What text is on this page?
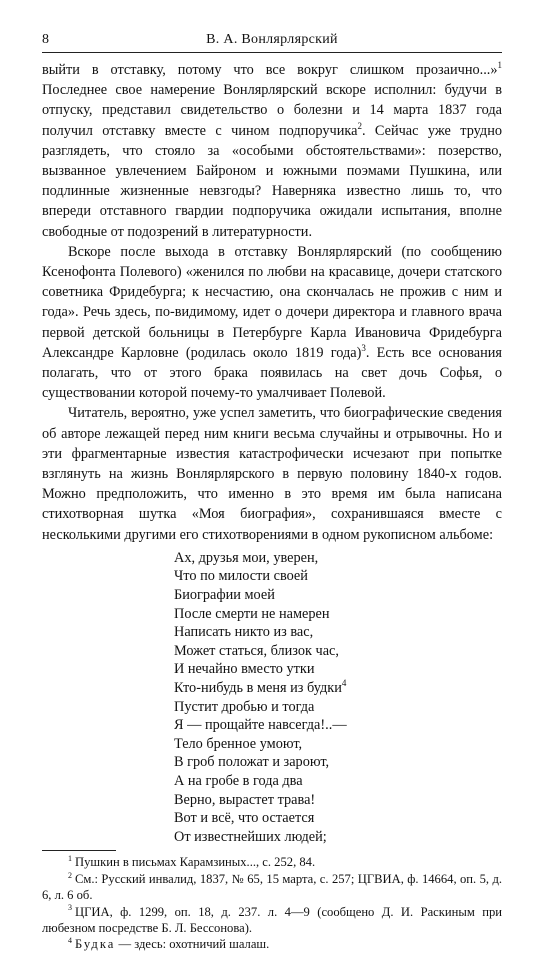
8	В. А. Вонлярлярский

выйти в отставку, потому что все вокруг слишком прозаично...»$^1$ Последнее свое намерение Вонлярлярский вскоре исполнил: будучи в отпуску, представил свидетельство о болезни и 14 марта 1837 года получил отставку вместе с чином подпоручика$^2$. Сейчас уже трудно разглядеть, что стояло за «особыми обстоятельствами»: позерство, вызванное увлечением Байроном и южными поэмами Пушкина, или подлинные жизненные невзгоды? Наверняка известно лишь то, что впереди отставного гвардии подпоручика ожидали испытания, вполне свободные от подозрений в литературности.

Вскоре после выхода в отставку Вонлярлярский (по сообщению Ксенофонта Полевого) «женился по любви на красавице, дочери статского советника Фридебурга; к несчастию, она скончалась не прожив с ним и года». Речь здесь, по-видимому, идет о дочери директора и главного врача первой детской больницы в Петербурге Карла Ивановича Фридебурга Александре Карловне (родилась около 1819 года)$^3$. Есть все основания полагать, что от этого брака появилась на свет дочь Софья, о существовании которой почему-то умалчивает Полевой.

Читатель, вероятно, уже успел заметить, что биографические сведения об авторе лежащей перед ним книги весьма случайны и отрывочны. Но и эти фрагментарные известия катастрофически исчезают при попытке взглянуть на жизнь Вонлярлярского в первую половину 1840-х годов. Можно предположить, что именно в это время им была написана стихотворная шутка «Моя биография», сохранившаяся вместе с несколькими другими его стихотворениями в одном рукописном альбоме:

Ах, друзья мои, уверен,
Что по милости своей
Биографии моей
После смерти не намерен
Написать никто из вас,
Может статься, близок час,
И нечайно вместо утки
Кто-нибудь в меня из будки$^4$
Пустит дробью и тогда
Я — прощайте навсегда!..—
Тело бренное умоют,
В гроб положат и зароют,
А на гробе в года два
Верно, вырастет трава!
Вот и всё, что остается
От известнейших людей;
$^1$ Пушкин в письмах Карамзиных..., с. 252, 84.
$^2$ См.: Русский инвалид, 1837, № 65, 15 марта, с. 257; ЦГВИА, ф. 14664, оп. 5, д. 6, л. 6 об.
$^3$ ЦГИА, ф. 1299, оп. 18, д. 237. л. 4—9 (сообщено Д. И. Раскиным при любезном посредстве Б. Л. Бессонова).
$^4$ Будка — здесь: охотничий шалаш.
